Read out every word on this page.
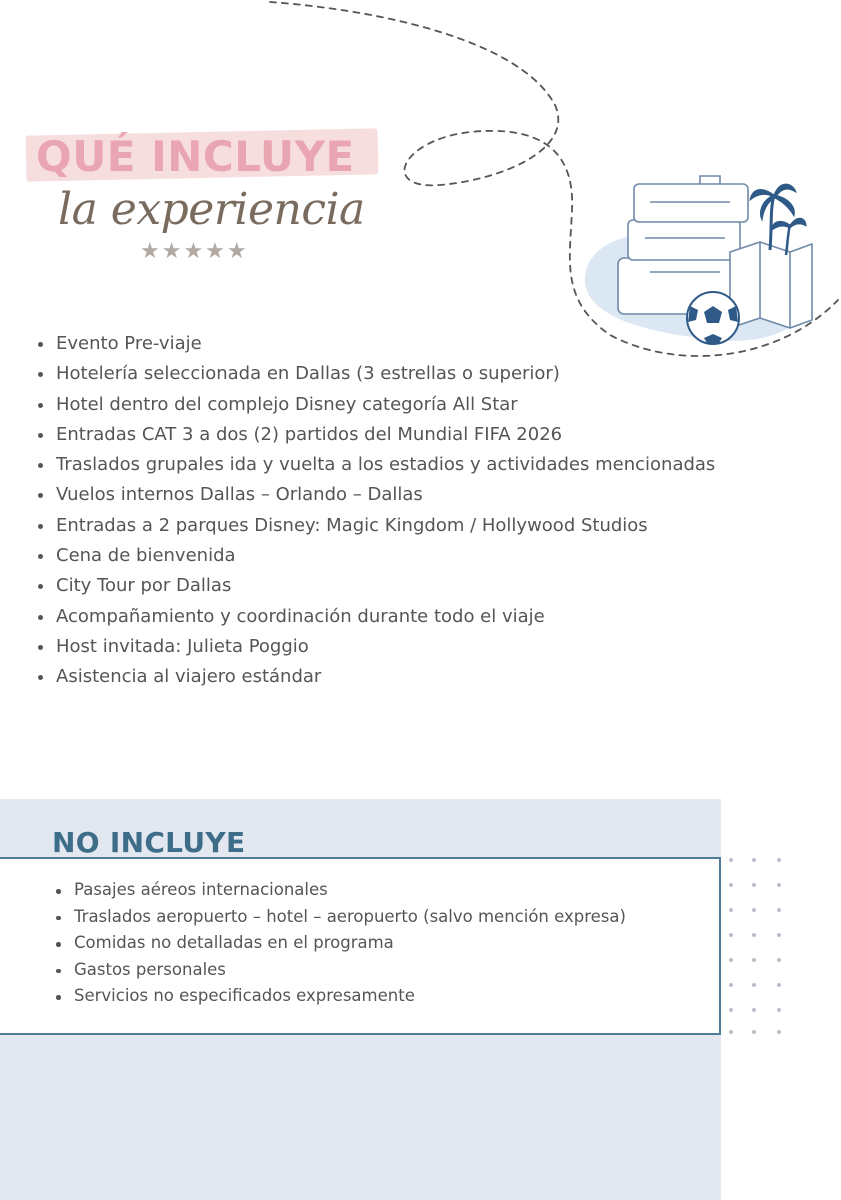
QUÉ INCLUYE
la experiencia
★★★★★
Evento Pre-viaje
Hotelería seleccionada en Dallas (3 estrellas o superior)
Hotel dentro del complejo Disney categoría All Star
Entradas CAT 3 a dos (2) partidos del Mundial FIFA 2026
Traslados grupales ida y vuelta a los estadios y actividades mencionadas
Vuelos internos Dallas – Orlando – Dallas
Entradas a 2 parques Disney: Magic Kingdom / Hollywood Studios
Cena de bienvenida
City Tour por Dallas
Acompañamiento y coordinación durante todo el viaje
Host invitada: Julieta Poggio
Asistencia al viajero estándar
NO INCLUYE
Pasajes aéreos internacionales
Traslados aeropuerto – hotel – aeropuerto (salvo mención expresa)
Comidas no detalladas en el programa
Gastos personales
Servicios no especificados expresamente
